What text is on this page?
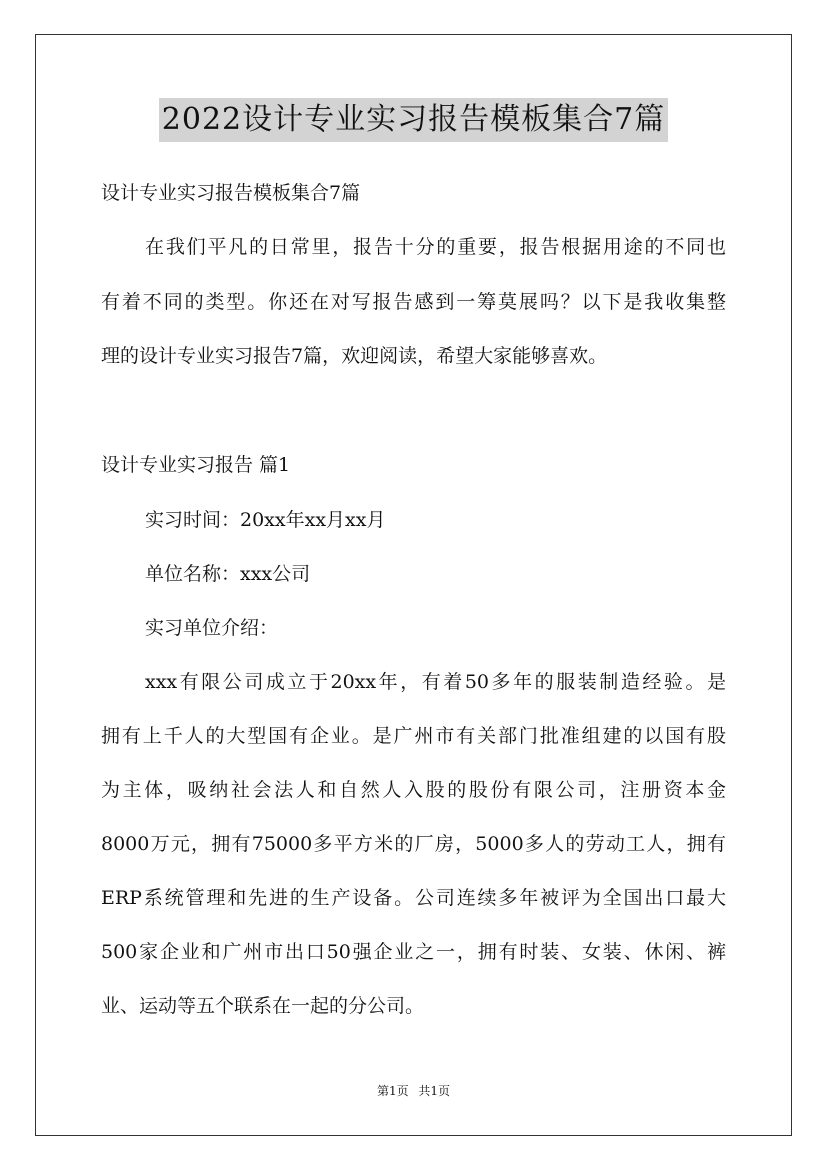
2022设计专业实习报告模板集合7篇
设计专业实习报告模板集合7篇
在我们平凡的日常里，报告十分的重要，报告根据用途的不同也
有着不同的类型。你还在对写报告感到一筹莫展吗？以下是我收集整
理的设计专业实习报告7篇，欢迎阅读，希望大家能够喜欢。
设计专业实习报告 篇1
实习时间：20xx年xx月xx月
单位名称：xxx公司
实习单位介绍：
xxx有限公司成立于20xx年，有着50多年的服装制造经验。是
拥有上千人的大型国有企业。是广州市有关部门批准组建的以国有股
为主体，吸纳社会法人和自然人入股的股份有限公司，注册资本金
8000万元，拥有75000多平方米的厂房，5000多人的劳动工人，拥有
ERP系统管理和先进的生产设备。公司连续多年被评为全国出口最大
500家企业和广州市出口50强企业之一，拥有时装、女装、休闲、裤
业、运动等五个联系在一起的分公司。
第1页 共1页
